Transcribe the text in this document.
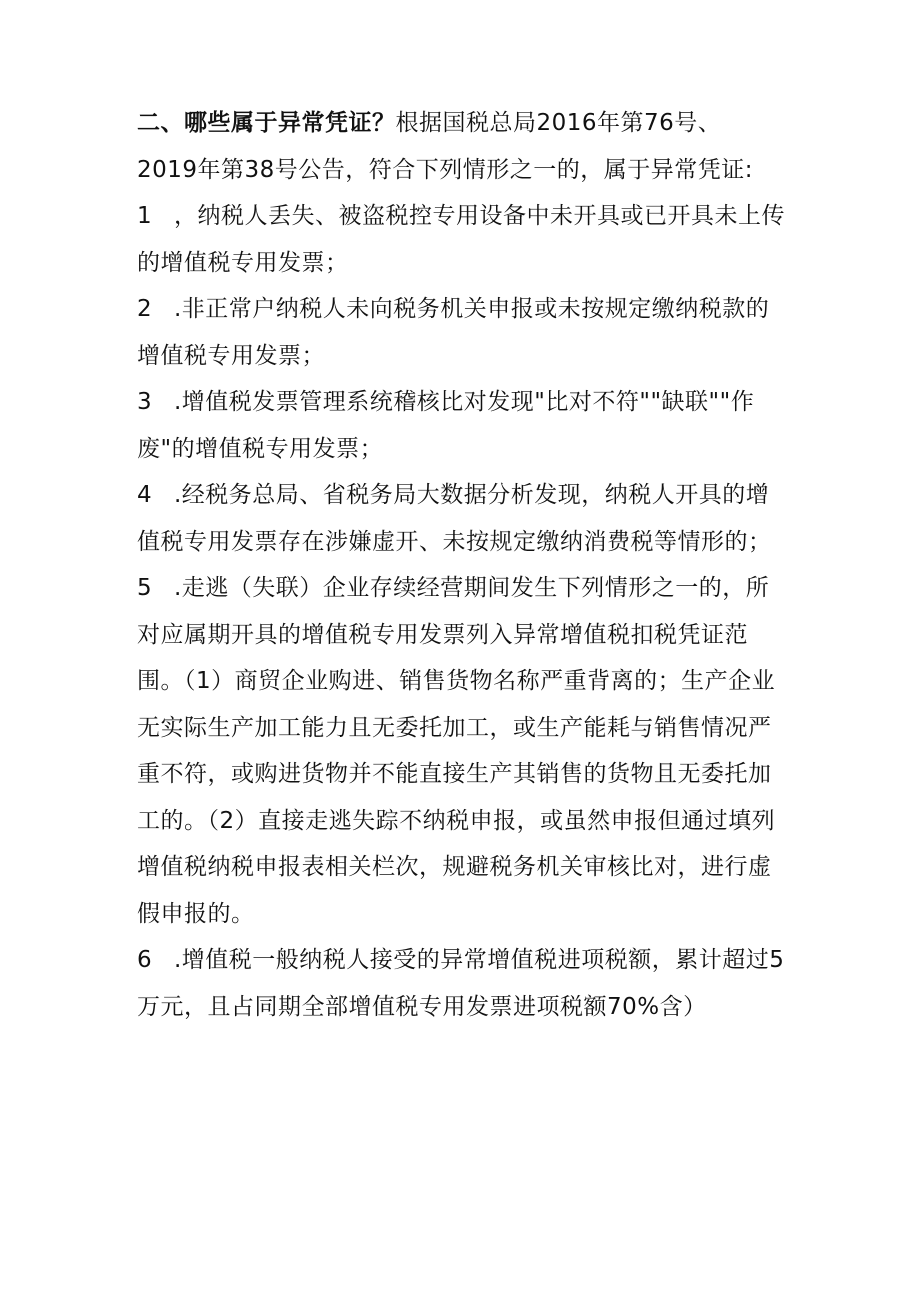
二、哪些属于异常凭证？根据国税总局2016年第76号、
2019年第38号公告，符合下列情形之一的，属于异常凭证:

1 ，纳税人丢失、被盗税控专用设备中未开具或已开具未上传的增值税专用发票；

2 .非正常户纳税人未向税务机关申报或未按规定缴纳税款的增值税专用发票；

3 .增值税发票管理系统稽核比对发现"比对不符""缺联""作废"的增值税专用发票；

4 .经税务总局、省税务局大数据分析发现，纳税人开具的增值税专用发票存在涉嫌虚开、未按规定缴纳消费税等情形的；

5 .走逃（失联）企业存续经营期间发生下列情形之一的，所对应属期开具的增值税专用发票列入异常增值税扣税凭证范围。（1）商贸企业购进、销售货物名称严重背离的；生产企业无实际生产加工能力且无委托加工，或生产能耗与销售情况严重不符，或购进货物并不能直接生产其销售的货物且无委托加工的。（2）直接走逃失踪不纳税申报，或虽然申报但通过填列增值税纳税申报表相关栏次，规避税务机关审核比对，进行虚假申报的。

6 .增值税一般纳税人接受的异常增值税进项税额，累计超过5万元，且占同期全部增值税专用发票进项税额70%含）
